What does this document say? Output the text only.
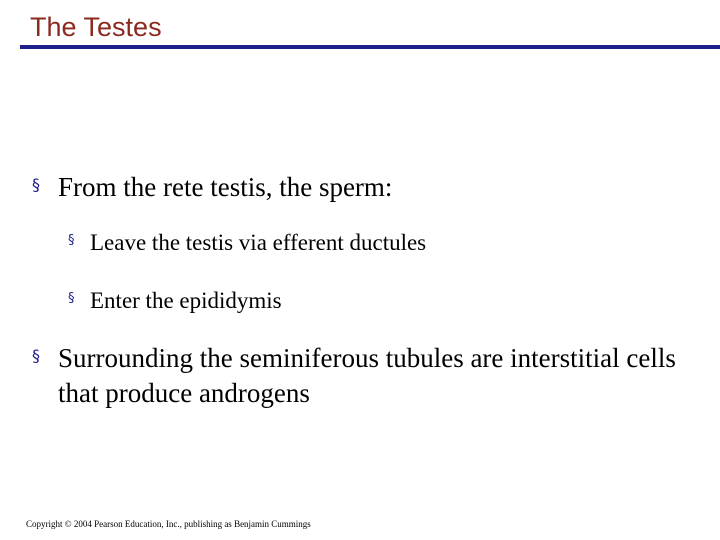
The Testes
§ From the rete testis, the sperm:
§ Leave the testis via efferent ductules
§ Enter the epididymis
§ Surrounding the seminiferous tubules are interstitial cells that produce androgens
Copyright © 2004 Pearson Education, Inc., publishing as Benjamin Cummings
